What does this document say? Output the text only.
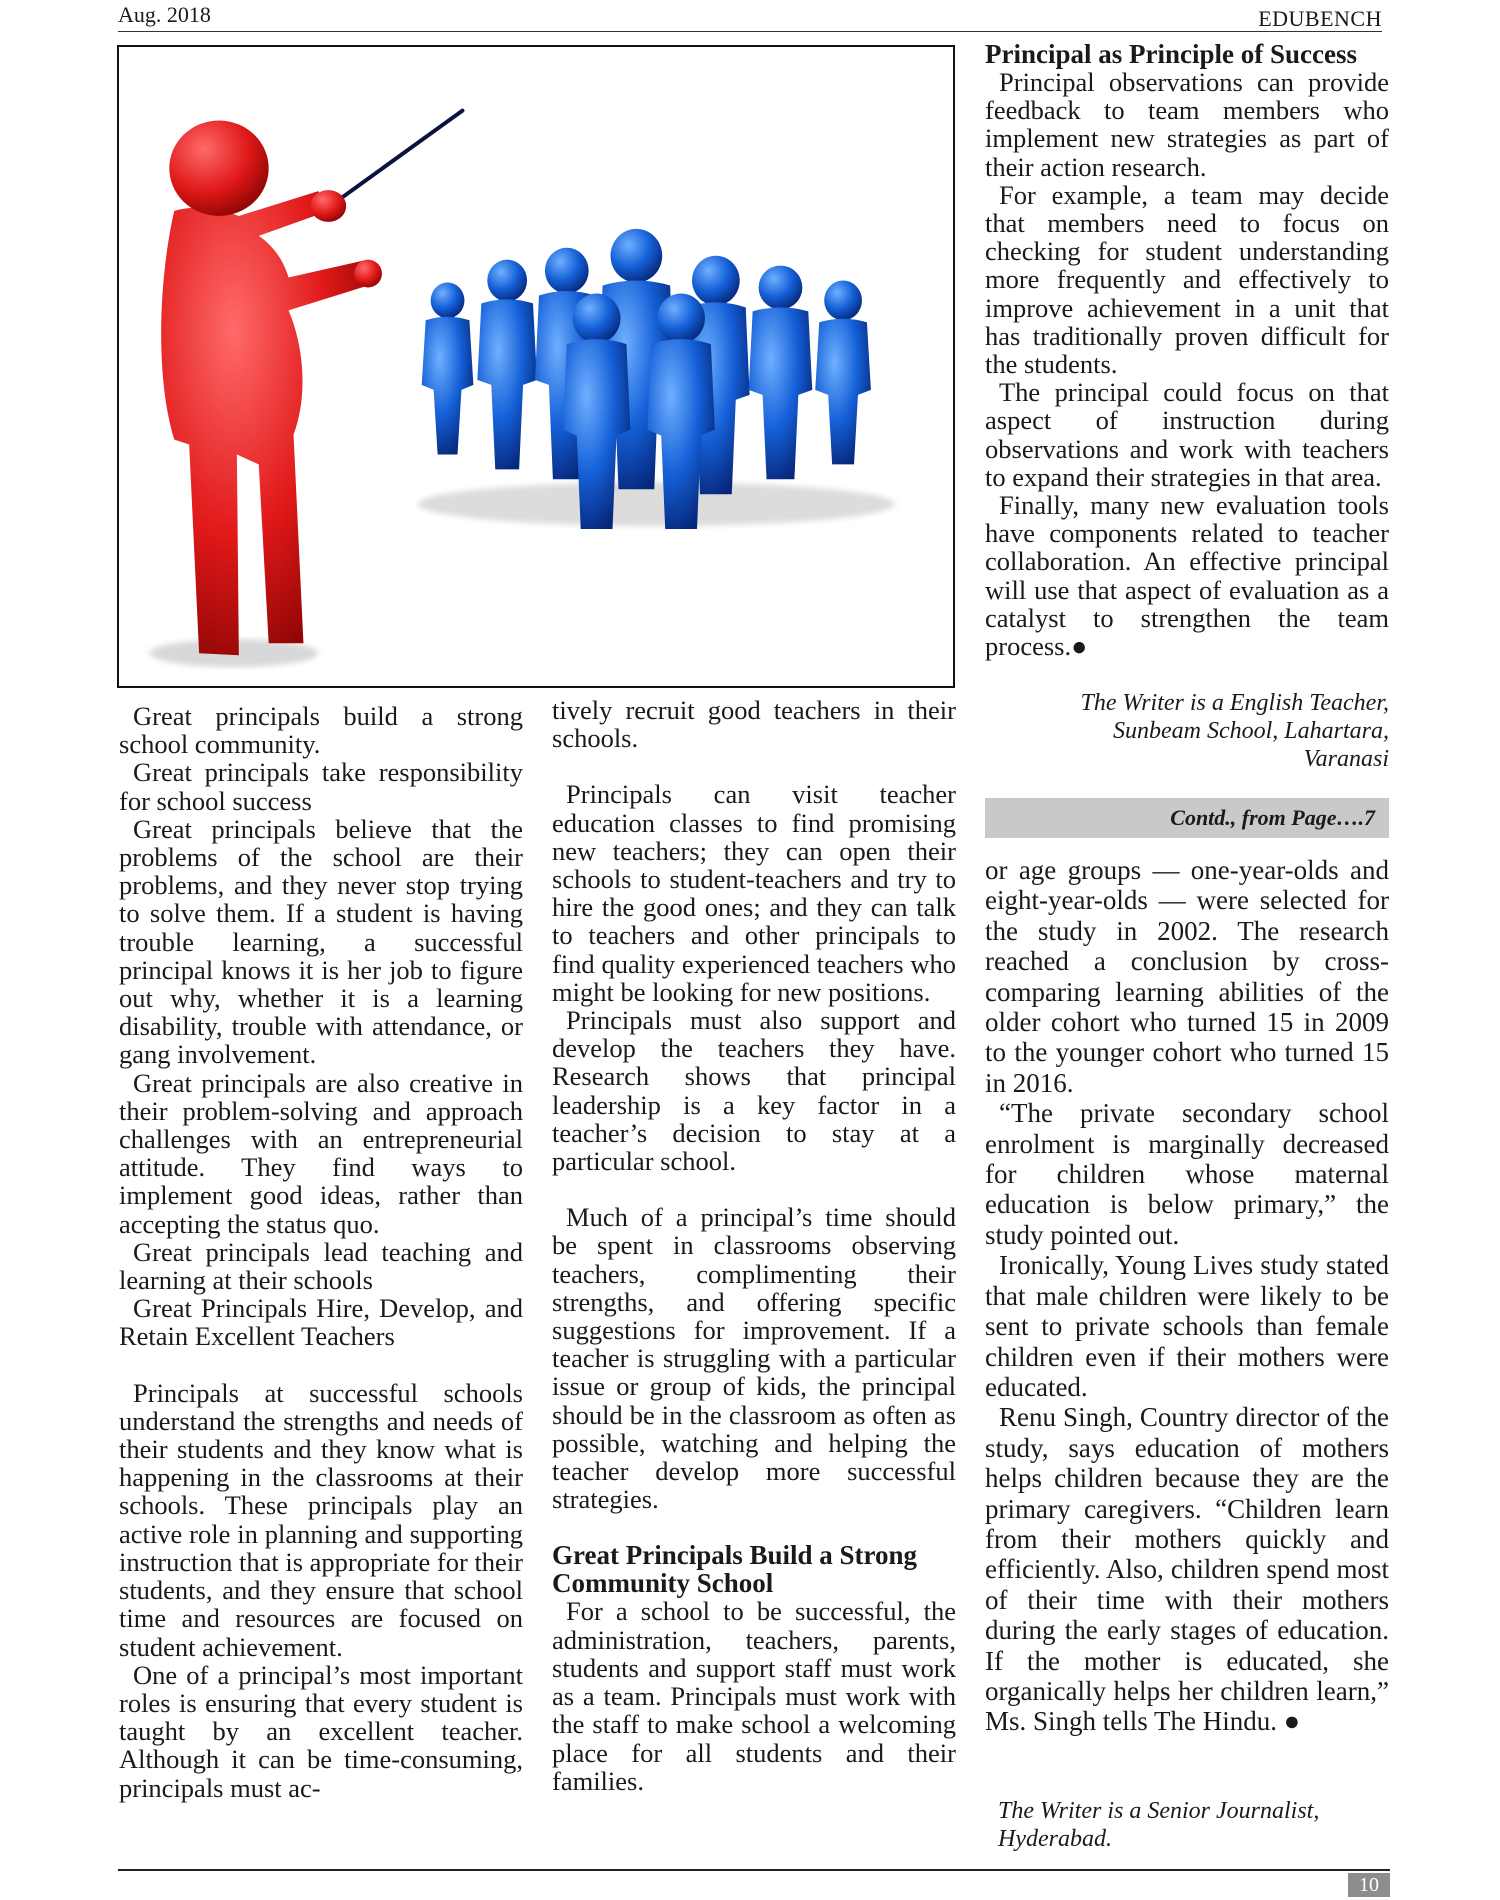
Aug. 2018	EDUBENCH

Great principals build a strong school community.

Great principals take responsibility for school success

Great principals believe that the problems of the school are their problems, and they never stop trying to solve them. If a student is having trouble learning, a successful principal knows it is her job to figure out why, whether it is a learning disability, trouble with attendance, or gang involvement.

Great principals are also creative in their problem-solving and approach challenges with an entrepreneurial attitude. They find ways to implement good ideas, rather than accepting the status quo.

Great principals lead teaching and learning at their schools

Great Principals Hire, Develop, and Retain Excellent Teachers

Principals at successful schools understand the strengths and needs of their students and they know what is happening in the classrooms at their schools. These principals play an active role in planning and supporting instruction that is appropriate for their students, and they ensure that school time and resources are focused on student achievement.

One of a principal’s most important roles is ensuring that every student is taught by an excellent teacher. Although it can be time-consuming, principals must ac-

tively recruit good teachers in their schools.

Principals can visit teacher education classes to find promising new teachers; they can open their schools to student-teachers and try to hire the good ones; and they can talk to teachers and other principals to find quality experienced teachers who might be looking for new positions.

Principals must also support and develop the teachers they have. Research shows that principal leadership is a key factor in a teacher’s decision to stay at a particular school.

Much of a principal’s time should be spent in classrooms observing teachers, complimenting their strengths, and offering specific suggestions for improvement. If a teacher is struggling with a particular issue or group of kids, the principal should be in the classroom as often as possible, watching and helping the teacher develop more successful strategies.

Great Principals Build a Strong Community School

For a school to be successful, the administration, teachers, parents, students and support staff must work as a team. Principals must work with the staff to make school a welcoming place for all students and their families.

Principal as Principle of Success

Principal observations can provide feedback to team members who implement new strategies as part of their action research.

For example, a team may decide that members need to focus on checking for student understanding more frequently and effectively to improve achievement in a unit that has traditionally proven difficult for the students.

The principal could focus on that aspect of instruction during observations and work with teachers to expand their strategies in that area.

Finally, many new evaluation tools have components related to teacher collaboration. An effective principal will use that aspect of evaluation as a catalyst to strengthen the team process.●

The Writer is a English Teacher,
Sunbeam School, Lahartara,
Varanasi
Contd., from Page….7

or age groups — one-year-olds and eight-year-olds — were selected for the study in 2002. The research reached a conclusion by cross-comparing learning abilities of the older cohort who turned 15 in 2009 to the younger cohort who turned 15 in 2016.

“The private secondary school enrolment is marginally decreased for children whose maternal education is below primary,” the study pointed out.

Ironically, Young Lives study stated that male children were likely to be sent to private schools than female children even if their mothers were educated.

Renu Singh, Country director of the study, says education of mothers helps children because they are the primary caregivers. “Children learn from their mothers quickly and efficiently. Also, children spend most of their time with their mothers during the early stages of education. If the mother is educated, she organically helps her children learn,” Ms. Singh tells The Hindu. ●

The Writer is a Senior Journalist,
Hyderabad.
10
